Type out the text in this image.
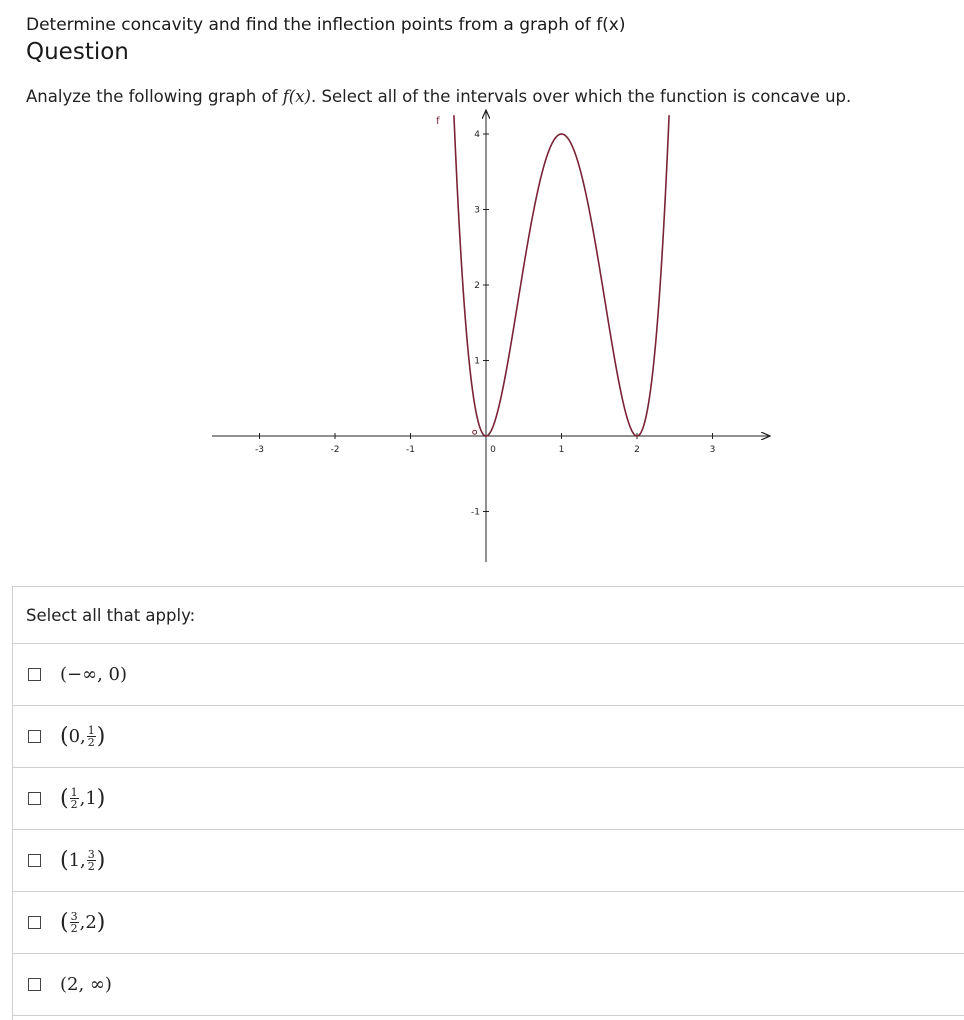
Determine concavity and find the inflection points from a graph of f(x)
Question
Analyze the following graph of f(x). Select all of the intervals over which the function is concave up.
-3	-2	-1	0	1	2	3
4
3
2
1
-1
f
Select all that apply:
(−∞, 0)
( 0 , $\frac{1}{2}$ )
( $\frac{1}{2}$ , 1 )
( 1 , $\frac{3}{2}$ )
( $\frac{3}{2}$ , 2 )
(2, ∞)
